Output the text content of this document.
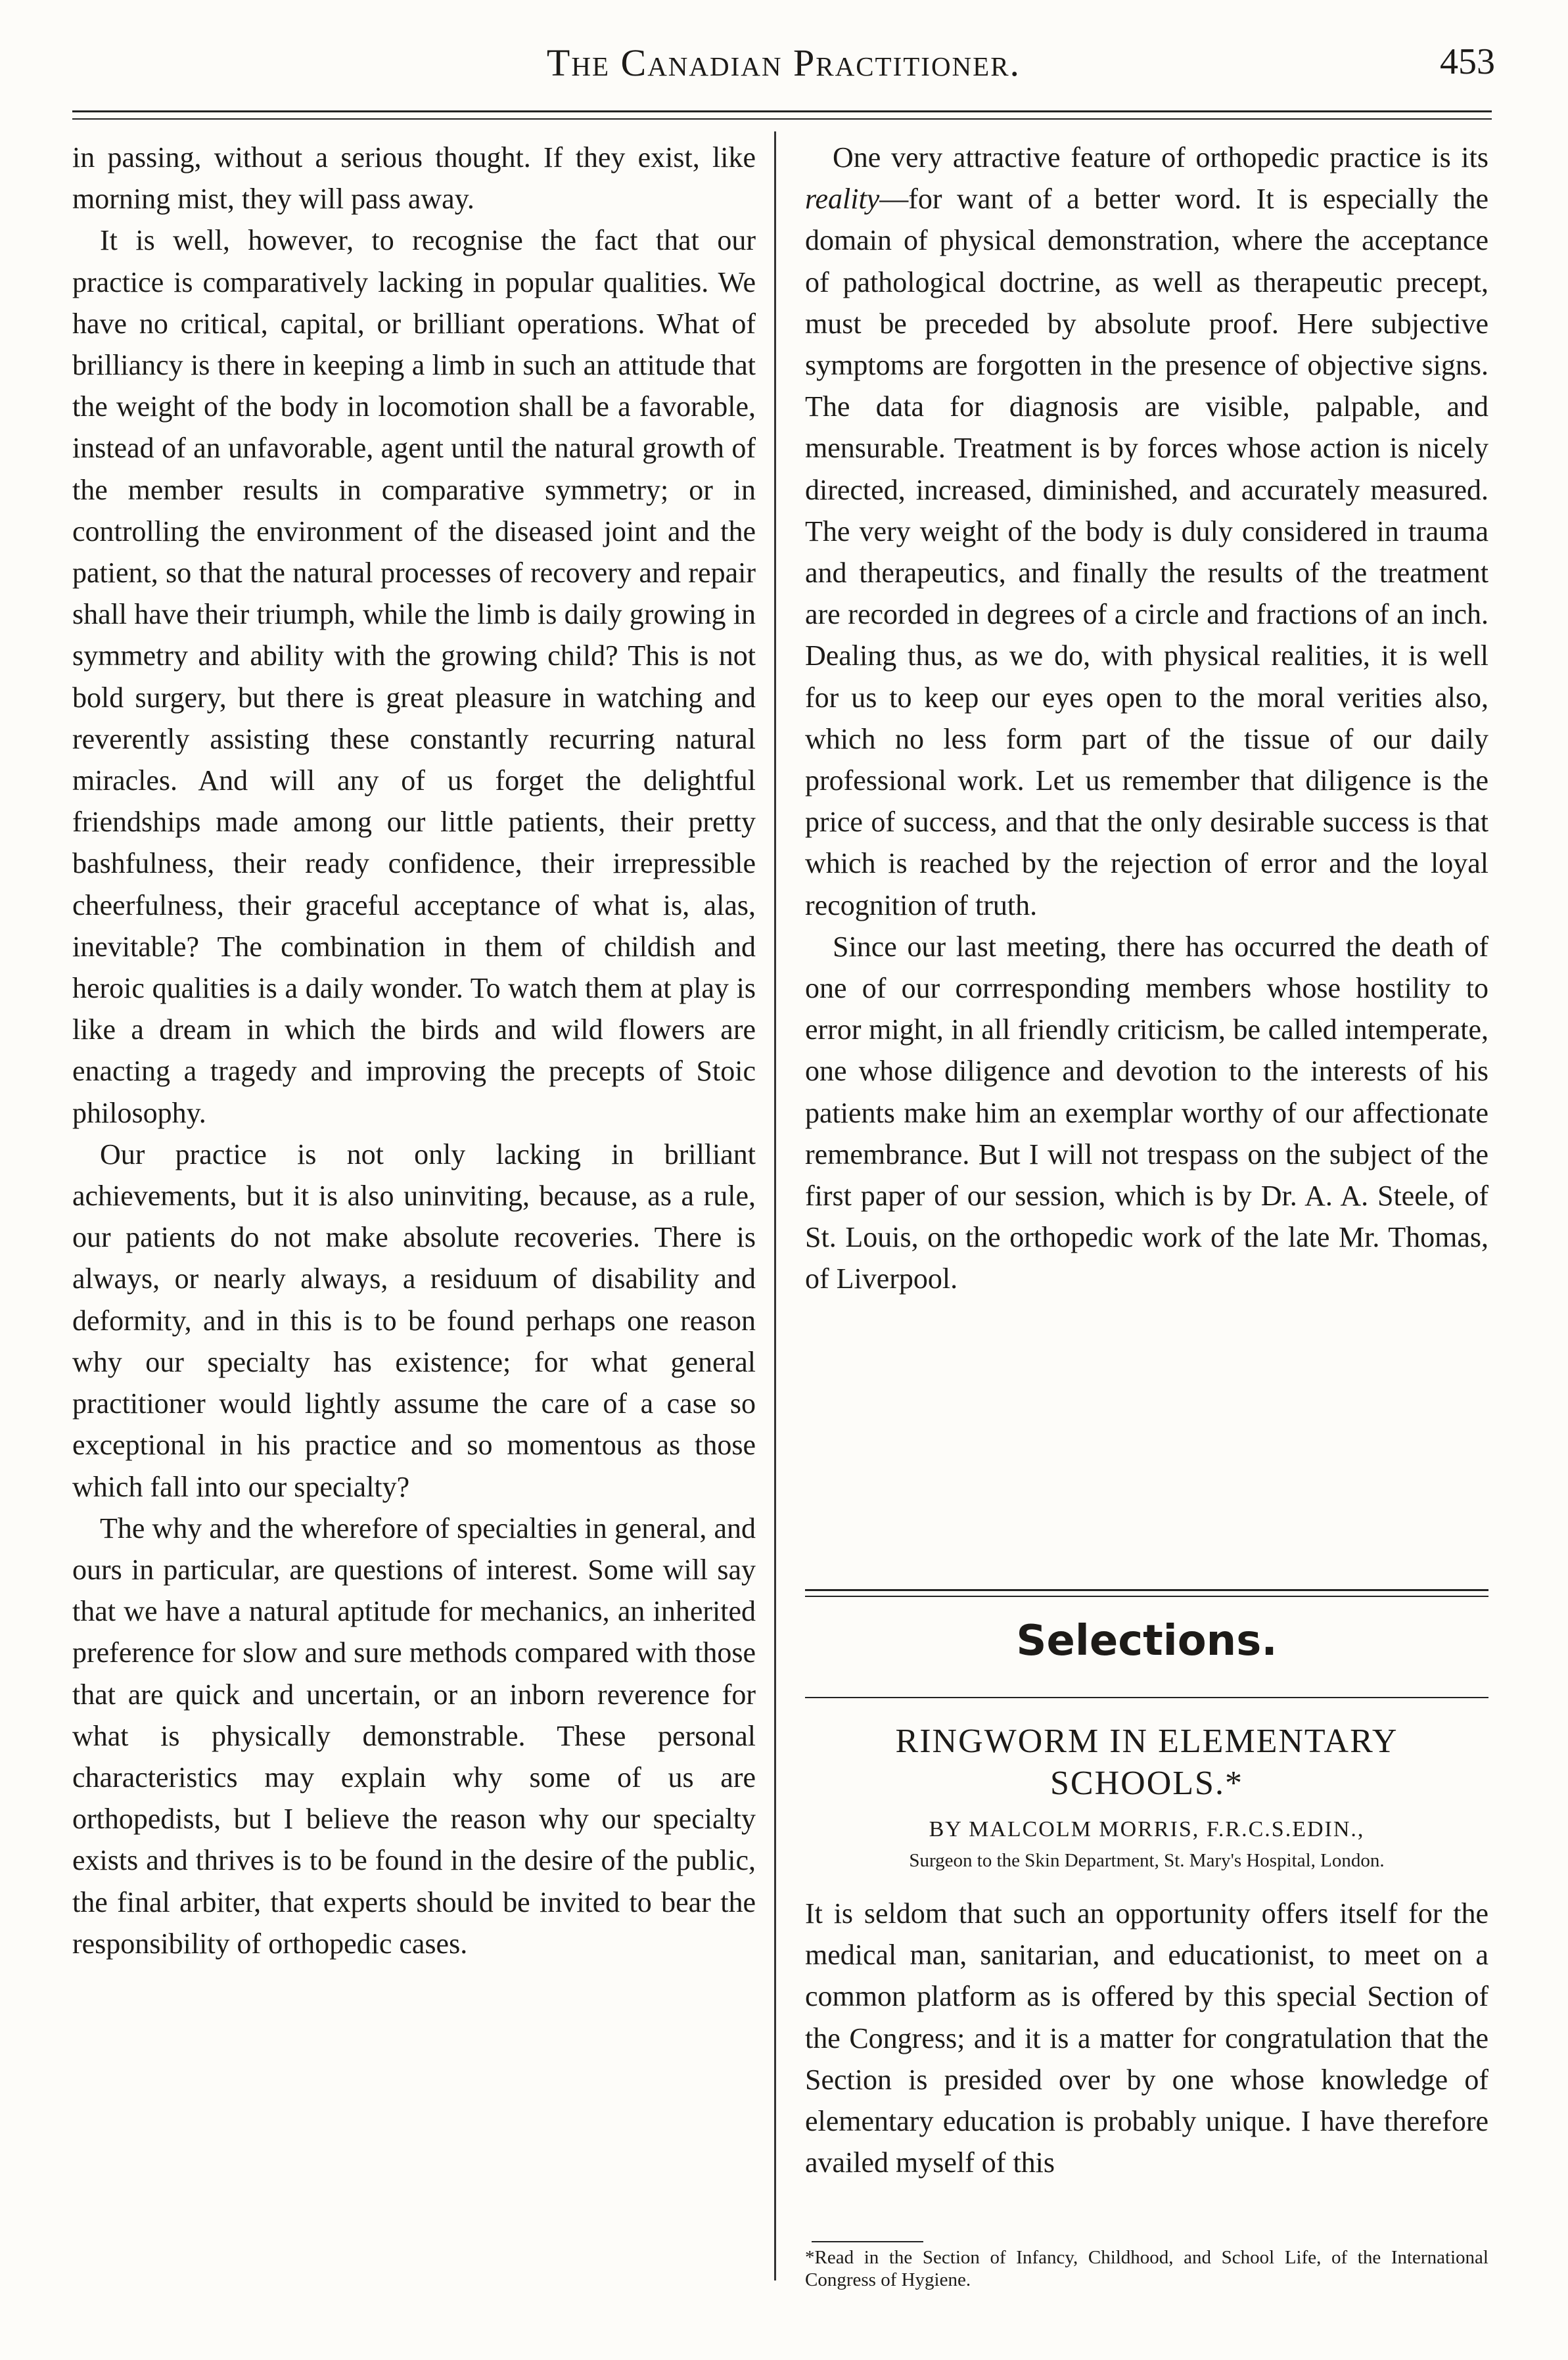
The Canadian Practitioner.	453

in passing, without a serious thought. If they exist, like morning mist, they will pass away.

It is well, however, to recognise the fact that our practice is comparatively lacking in popular qualities. We have no critical, capital, or brilliant operations. What of brilliancy is there in keeping a limb in such an attitude that the weight of the body in locomotion shall be a favorable, instead of an unfavorable, agent until the natural growth of the member results in comparative symmetry; or in controlling the environment of the diseased joint and the patient, so that the natural processes of recovery and repair shall have their triumph, while the limb is daily growing in symmetry and ability with the growing child? This is not bold surgery, but there is great pleasure in watching and reverently assisting these constantly recurring natural miracles. And will any of us forget the delightful friendships made among our little patients, their pretty bashfulness, their ready confidence, their irrepressible cheerfulness, their graceful acceptance of what is, alas, inevitable? The combination in them of childish and heroic qualities is a daily wonder. To watch them at play is like a dream in which the birds and wild flowers are enacting a tragedy and improving the precepts of Stoic philosophy.

Our practice is not only lacking in brilliant achievements, but it is also uninviting, because, as a rule, our patients do not make absolute recoveries. There is always, or nearly always, a residuum of disability and deformity, and in this is to be found perhaps one reason why our specialty has existence; for what general practitioner would lightly assume the care of a case so exceptional in his practice and so momentous as those which fall into our specialty?

The why and the wherefore of specialties in general, and ours in particular, are questions of interest. Some will say that we have a natural aptitude for mechanics, an inherited preference for slow and sure methods compared with those that are quick and uncertain, or an inborn reverence for what is physically demonstrable. These personal characteristics may explain why some of us are orthopedists, but I believe the reason why our specialty exists and thrives is to be found in the desire of the public, the final arbiter, that experts should be invited to bear the responsibility of orthopedic cases.

One very attractive feature of orthopedic practice is its reality—for want of a better word. It is especially the domain of physical demonstration, where the acceptance of pathological doctrine, as well as therapeutic precept, must be preceded by absolute proof. Here subjective symptoms are forgotten in the presence of objective signs. The data for diagnosis are visible, palpable, and mensurable. Treatment is by forces whose action is nicely directed, increased, diminished, and accurately measured. The very weight of the body is duly considered in trauma and therapeutics, and finally the results of the treatment are recorded in degrees of a circle and fractions of an inch. Dealing thus, as we do, with physical realities, it is well for us to keep our eyes open to the moral verities also, which no less form part of the tissue of our daily professional work. Let us remember that diligence is the price of success, and that the only desirable success is that which is reached by the rejection of error and the loyal recognition of truth.

Since our last meeting, there has occurred the death of one of our corrresponding members whose hostility to error might, in all friendly criticism, be called intemperate, one whose diligence and devotion to the interests of his patients make him an exemplar worthy of our affectionate remembrance. But I will not trespass on the subject of the first paper of our session, which is by Dr. A. A. Steele, of St. Louis, on the orthopedic work of the late Mr. Thomas, of Liverpool.

Selections.
RINGWORM IN ELEMENTARY SCHOOLS.*
BY MALCOLM MORRIS, F.R.C.S.EDIN.,
Surgeon to the Skin Department, St. Mary's Hospital, London.

It is seldom that such an opportunity offers itself for the medical man, sanitarian, and educationist, to meet on a common platform as is offered by this special Section of the Congress; and it is a matter for congratulation that the Section is presided over by one whose knowledge of elementary education is probably unique. I have therefore availed myself of this

*Read in the Section of Infancy, Childhood, and School Life, of the International Congress of Hygiene.
